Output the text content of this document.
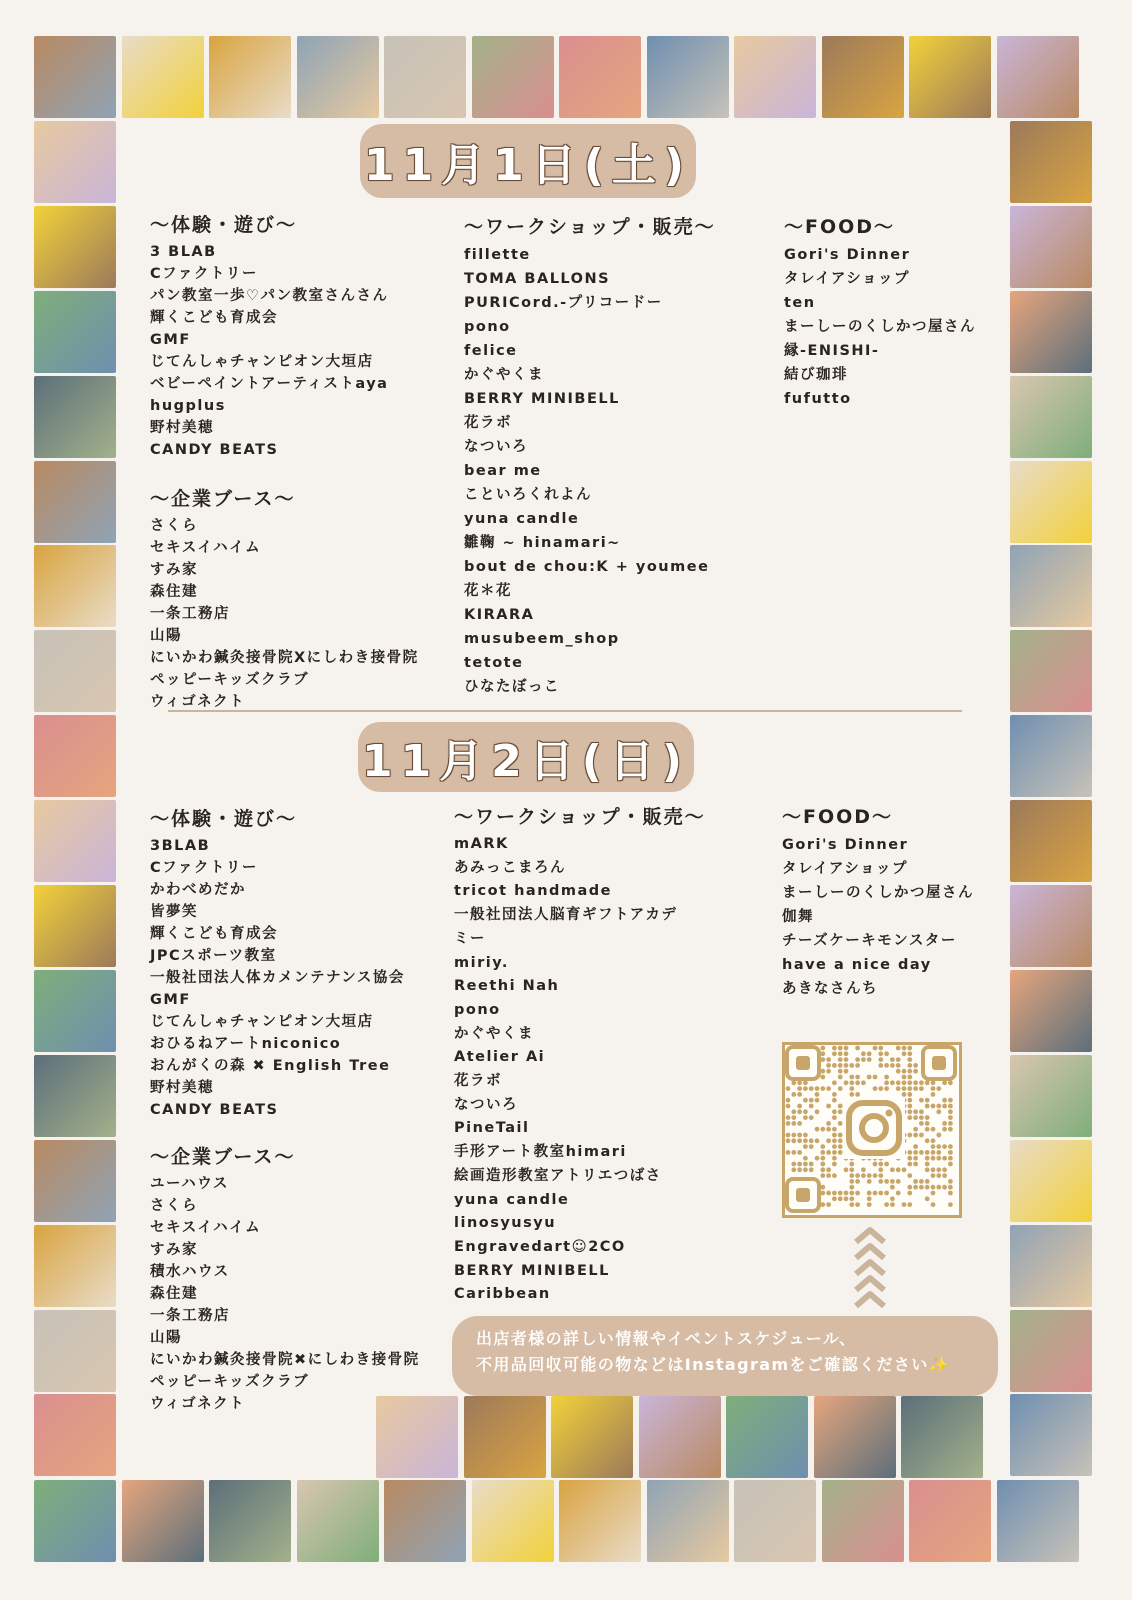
11月1日(土)
～体験・遊び～
3 BLAB
Cファクトリー
パン教室一歩♡パン教室さんさん
輝くこども育成会
GMF
じてんしゃチャンピオン大垣店
ベビーペイントアーティストaya
hugplus
野村美穂
CANDY BEATS
～企業ブース～
さくら
セキスイハイム
すみ家
森住建
一条工務店
山陽
にいかわ鍼灸接骨院Xにしわき接骨院
ペッピーキッズクラブ
ウィゴネクト
～ワークショップ・販売～
fillette
TOMA BALLONS
PURICord.-プリコードー
pono
felice
かぐやくま
BERRY MINIBELL
花ラボ
なついろ
bear me
こといろくれよん
yuna candle
雛鞠 ~ hinamari~
bout de chou:K + youmee
花＊花
KIRARA
musubeem_shop
tetote
ひなたぼっこ
～FOOD～
Gori's Dinner
タレイアショップ
ten
まーしーのくしかつ屋さん
縁-ENISHI-
結び珈琲
fufutto
11月2日(日)
～体験・遊び～
3BLAB
Cファクトリー
かわべめだか
皆夢笑
輝くこども育成会
JPCスポーツ教室
一般社団法人体カメンテナンス協会
GMF
じてんしゃチャンピオン大垣店
おひるねアートniconico
おんがくの森 ✖ English Tree
野村美穂
CANDY BEATS
～企業ブース～
ユーハウス
さくら
セキスイハイム
すみ家
積水ハウス
森住建
一条工務店
山陽
にいかわ鍼灸接骨院✖にしわき接骨院
ペッピーキッズクラブ
ウィゴネクト
～ワークショップ・販売～
mARK
あみっこまろん
tricot handmade
一般社団法人脳育ギフトアカデ
ミー
miriy.
Reethi Nah
pono
かぐやくま
Atelier Ai
花ラボ
なついろ
PineTail
手形アート教室himari
絵画造形教室アトリエつばさ
yuna candle
linosyusyu
Engravedart☺2CO
BERRY MINIBELL
Caribbean
～FOOD～
Gori's Dinner
タレイアショップ
まーしーのくしかつ屋さん
伽舞
チーズケーキモンスター
have a nice day
あきなさんち
出店者様の詳しい情報やイベントスケジュール、
不用品回収可能の物などはInstagramをご確認ください✨
